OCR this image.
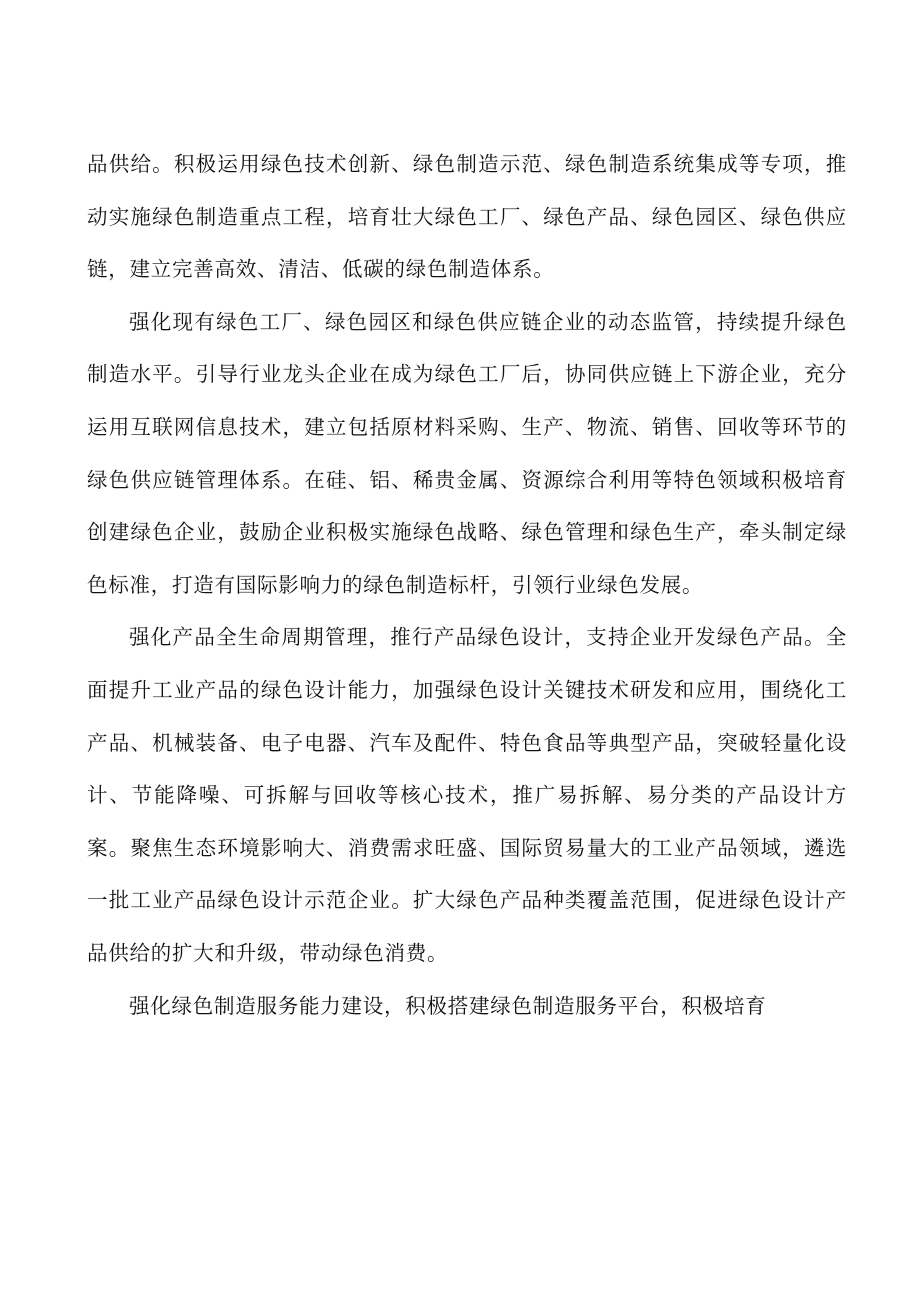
品供给。积极运用绿色技术创新、绿色制造示范、绿色制造系统集成等专项，推动实施绿色制造重点工程，培育壮大绿色工厂、绿色产品、绿色园区、绿色供应链，建立完善高效、清洁、低碳的绿色制造体系。

强化现有绿色工厂、绿色园区和绿色供应链企业的动态监管，持续提升绿色制造水平。引导行业龙头企业在成为绿色工厂后，协同供应链上下游企业，充分运用互联网信息技术，建立包括原材料采购、生产、物流、销售、回收等环节的绿色供应链管理体系。在硅、铝、稀贵金属、资源综合利用等特色领域积极培育创建绿色企业，鼓励企业积极实施绿色战略、绿色管理和绿色生产，牵头制定绿色标准，打造有国际影响力的绿色制造标杆，引领行业绿色发展。

强化产品全生命周期管理，推行产品绿色设计，支持企业开发绿色产品。全面提升工业产品的绿色设计能力，加强绿色设计关键技术研发和应用，围绕化工产品、机械装备、电子电器、汽车及配件、特色食品等典型产品，突破轻量化设计、节能降噪、可拆解与回收等核心技术，推广易拆解、易分类的产品设计方案。聚焦生态环境影响大、消费需求旺盛、国际贸易量大的工业产品领域，遴选一批工业产品绿色设计示范企业。扩大绿色产品种类覆盖范围，促进绿色设计产品供给的扩大和升级，带动绿色消费。

强化绿色制造服务能力建设，积极搭建绿色制造服务平台，积极培育
